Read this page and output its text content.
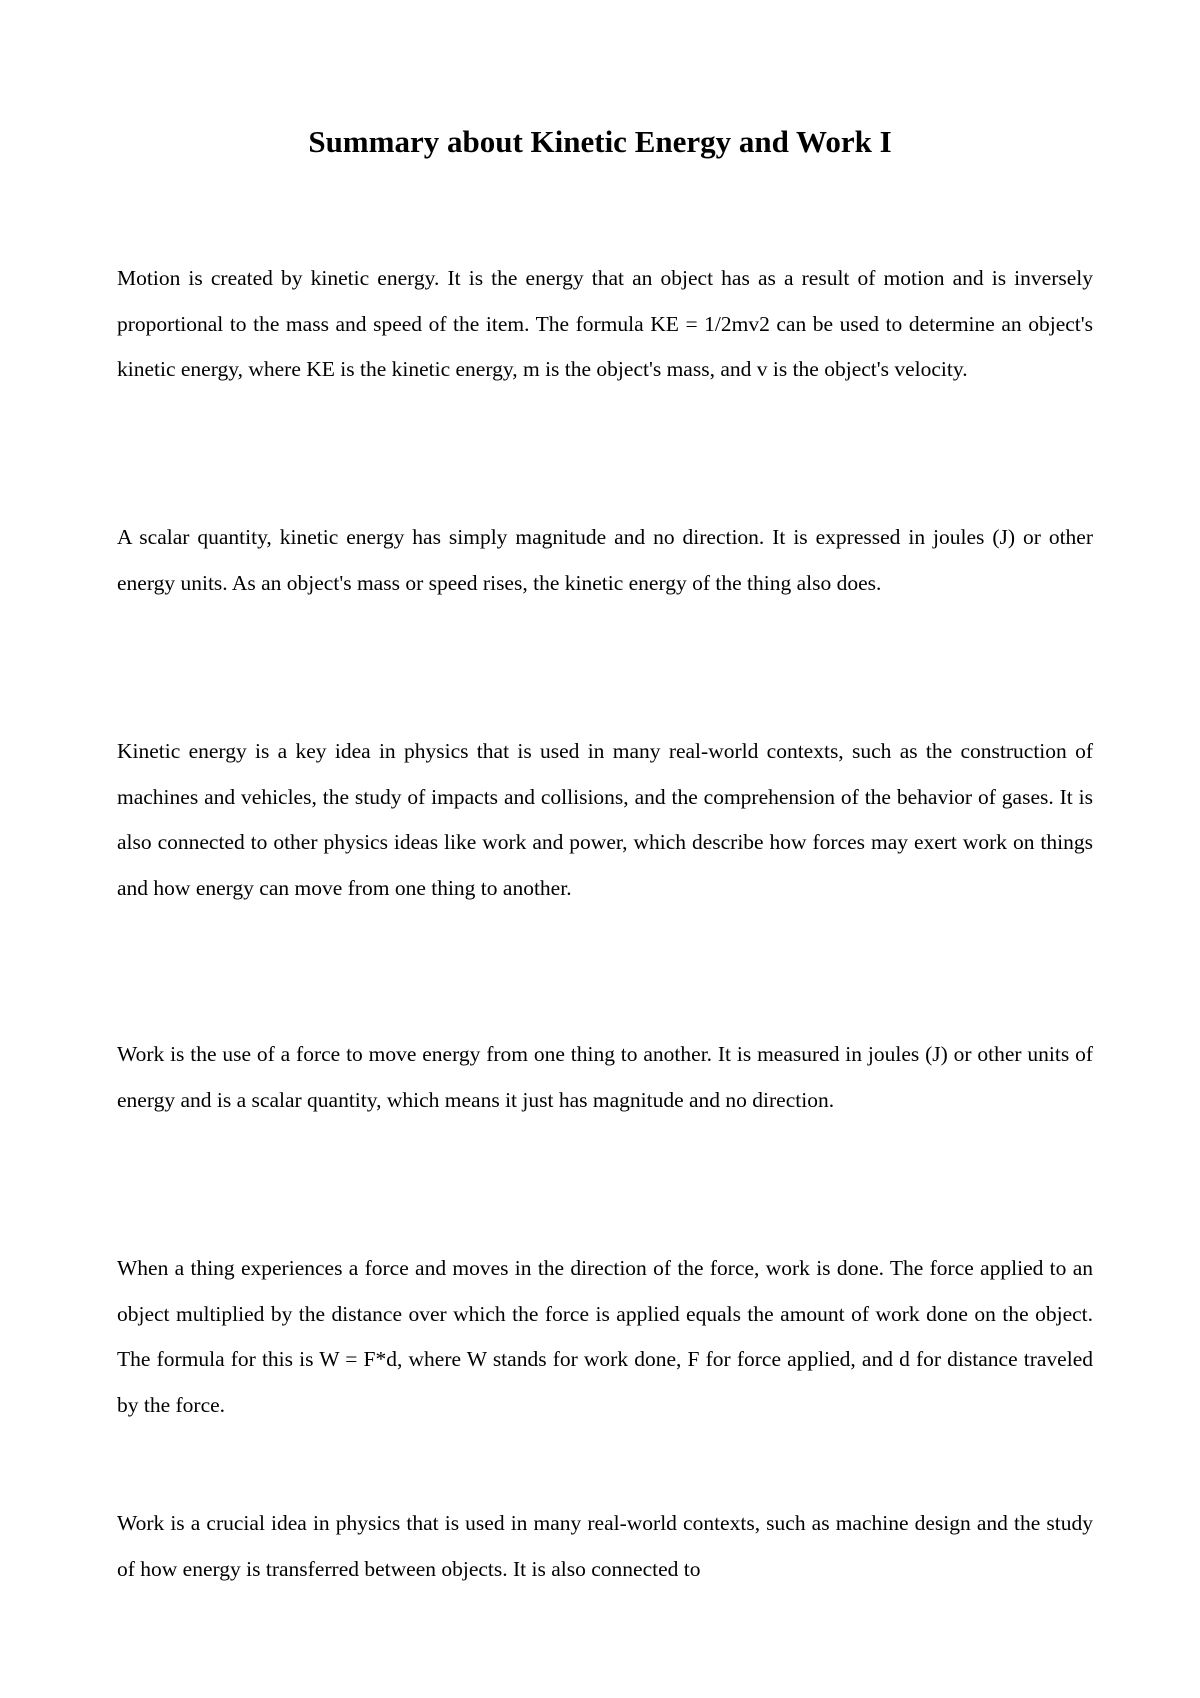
Summary about Kinetic Energy and Work I

Motion is created by kinetic energy. It is the energy that an object has as a result of motion and is inversely proportional to the mass and speed of the item. The formula KE = 1/2mv2 can be used to determine an object's kinetic energy, where KE is the kinetic energy, m is the object's mass, and v is the object's velocity.

A scalar quantity, kinetic energy has simply magnitude and no direction. It is expressed in joules (J) or other energy units. As an object's mass or speed rises, the kinetic energy of the thing also does.

Kinetic energy is a key idea in physics that is used in many real-world contexts, such as the construction of machines and vehicles, the study of impacts and collisions, and the comprehension of the behavior of gases. It is also connected to other physics ideas like work and power, which describe how forces may exert work on things and how energy can move from one thing to another.

Work is the use of a force to move energy from one thing to another. It is measured in joules (J) or other units of energy and is a scalar quantity, which means it just has magnitude and no direction.

When a thing experiences a force and moves in the direction of the force, work is done. The force applied to an object multiplied by the distance over which the force is applied equals the amount of work done on the object. The formula for this is W = F*d, where W stands for work done, F for force applied, and d for distance traveled by the force.

Work is a crucial idea in physics that is used in many real-world contexts, such as machine design and the study of how energy is transferred between objects. It is also connected to
